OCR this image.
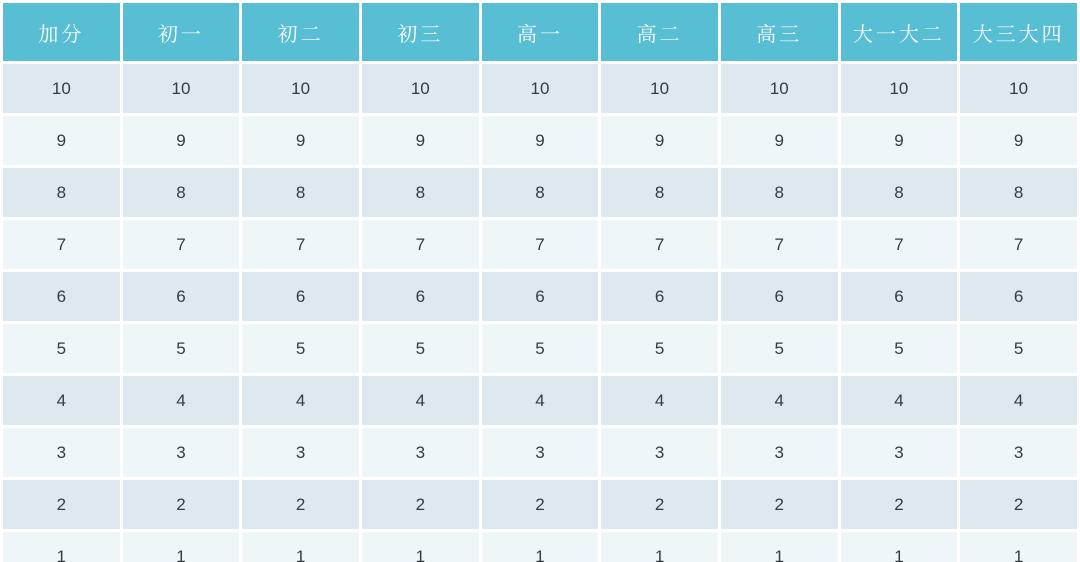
加分	初一	初二	初三	高一	高二	高三	大一大二	大三大四
10	10	10	10	10	10	10	10	10
9	9	9	9	9	9	9	9	9
8	8	8	8	8	8	8	8	8
7	7	7	7	7	7	7	7	7
6	6	6	6	6	6	6	6	6
5	5	5	5	5	5	5	5	5
4	4	4	4	4	4	4	4	4
3	3	3	3	3	3	3	3	3
2	2	2	2	2	2	2	2	2
1	1	1	1	1	1	1	1	1
